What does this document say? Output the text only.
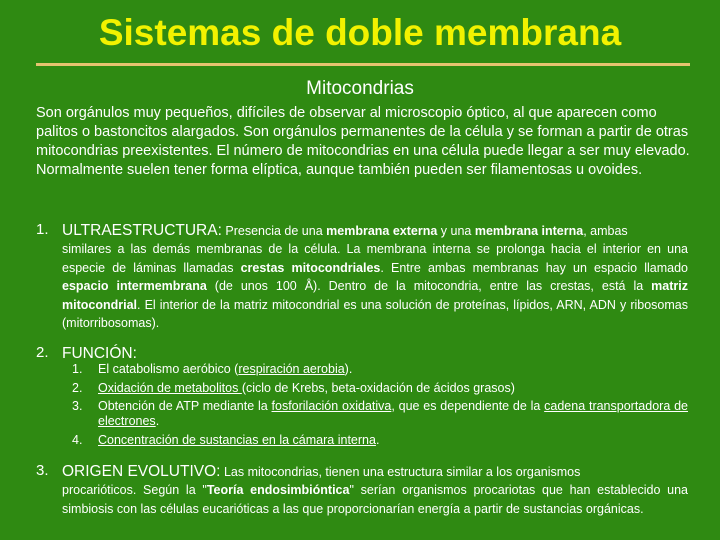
Sistemas de doble membrana
Mitocondrias
Son orgánulos muy pequeños, difíciles de observar al microscopio óptico, al que aparecen como palitos o bastoncitos alargados. Son orgánulos permanentes de la célula y se forman a partir de otras mitocondrias preexistentes. El número de mitocondrias en una célula puede llegar a ser muy elevado. Normalmente suelen tener forma elíptica, aunque también pueden ser filamentosas u ovoides.
1. ULTRAESTRUCTURA: Presencia de una membrana externa y una membrana interna, ambas
similares a las demás membranas de la célula. La membrana interna se prolonga hacia el interior en una especie de láminas llamadas crestas mitocondriales. Entre ambas membranas hay un espacio llamado espacio intermembrana (de unos 100 Å). Dentro de la mitocondria, entre las crestas, está la matriz mitocondrial. El interior de la matriz mitocondrial es una solución de proteínas, lípidos, ARN, ADN y ribosomas (mitorribosomas).
2. FUNCIÓN:
1.	El catabolismo aeróbico (respiración aerobia).
2.	Oxidación de metabolitos (ciclo de Krebs, beta-oxidación de ácidos grasos)
3.	Obtención de ATP mediante la fosforilación oxidativa, que es dependiente de la cadena transportadora de electrones.
4.	Concentración de sustancias en la cámara interna.
3. ORIGEN EVOLUTIVO: Las mitocondrias, tienen una estructura similar a los organismos
procarióticos. Según la "Teoría endosimbióntica" serían organismos procariotas que han establecido una simbiosis con las células eucarióticas a las que proporcionarían energía a partir de sustancias orgánicas.
